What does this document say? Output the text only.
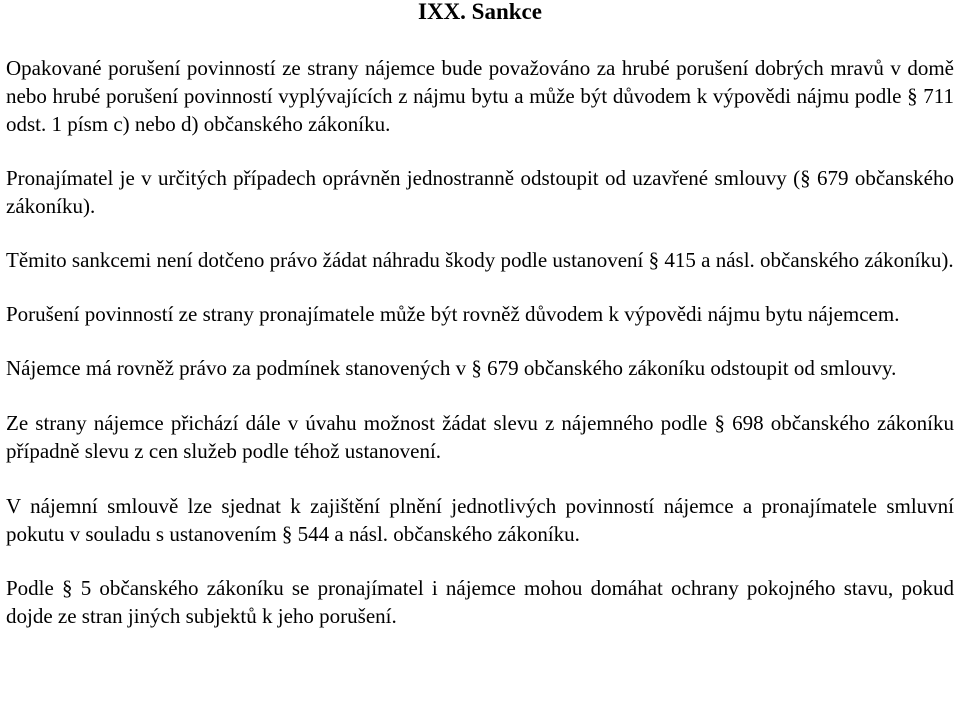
IXX. Sankce

Opakované porušení povinností ze strany nájemce bude považováno za hrubé porušení dobrých mravů v domě nebo hrubé porušení povinností vyplývajících z nájmu bytu a může být důvodem k výpovědi nájmu podle § 711 odst. 1 písm c) nebo d) občanského zákoníku.

Pronajímatel je v určitých případech oprávněn jednostranně odstoupit od uzavřené smlouvy (§ 679 občanského zákoníku).

Těmito sankcemi není dotčeno právo žádat náhradu škody podle ustanovení § 415 a násl. občanského zákoníku).

Porušení povinností ze strany pronajímatele může být rovněž důvodem k výpovědi nájmu bytu nájemcem.

Nájemce má rovněž právo za podmínek stanovených v § 679 občanského zákoníku odstoupit od smlouvy.

Ze strany nájemce přichází dále v úvahu možnost žádat slevu z nájemného podle § 698 občanského zákoníku případně slevu z cen služeb podle téhož ustanovení.

V nájemní smlouvě lze sjednat k zajištění plnění jednotlivých povinností nájemce a pronajímatele smluvní pokutu v souladu s ustanovením § 544 a násl. občanského zákoníku.

Podle § 5 občanského zákoníku se pronajímatel i nájemce mohou domáhat ochrany pokojného stavu, pokud dojde ze stran jiných subjektů k jeho porušení.
